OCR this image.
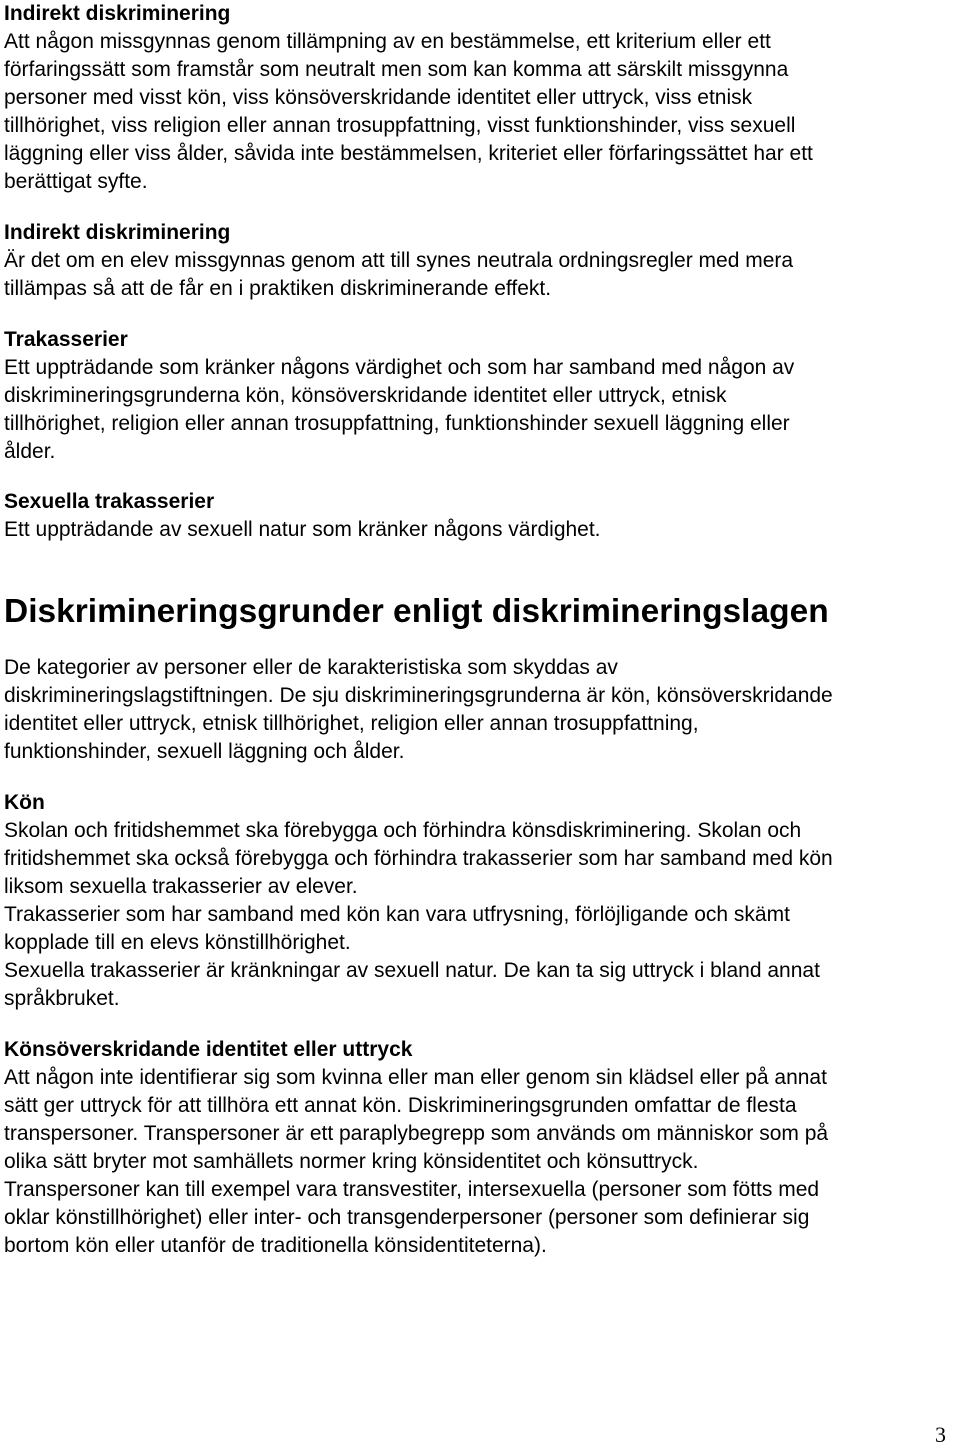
Indirekt diskriminering

Att någon missgynnas genom tillämpning av en bestämmelse, ett kriterium eller ett

förfaringssätt som framstår som neutralt men som kan komma att särskilt missgynna

personer med visst kön, viss könsöverskridande identitet eller uttryck, viss etnisk

tillhörighet, viss religion eller annan trosuppfattning, visst funktionshinder, viss sexuell

läggning eller viss ålder, såvida inte bestämmelsen, kriteriet eller förfaringssättet har ett

berättigat syfte.

Indirekt diskriminering

Är det om en elev missgynnas genom att till synes neutrala ordningsregler med mera

tillämpas så att de får en i praktiken diskriminerande effekt.

Trakasserier

Ett uppträdande som kränker någons värdighet och som har samband med någon av

diskrimineringsgrunderna kön, könsöverskridande identitet eller uttryck, etnisk

tillhörighet, religion eller annan trosuppfattning, funktionshinder sexuell läggning eller

ålder.

Sexuella trakasserier

Ett uppträdande av sexuell natur som kränker någons värdighet.

Diskrimineringsgrunder enligt diskrimineringslagen

De kategorier av personer eller de karakteristiska som skyddas av

diskrimineringslagstiftningen. De sju diskrimineringsgrunderna är kön, könsöverskridande

identitet eller uttryck, etnisk tillhörighet, religion eller annan trosuppfattning,

funktionshinder, sexuell läggning och ålder.

Kön

Skolan och fritidshemmet ska förebygga och förhindra könsdiskriminering. Skolan och

fritidshemmet ska också förebygga och förhindra trakasserier som har samband med kön

liksom sexuella trakasserier av elever.

Trakasserier som har samband med kön kan vara utfrysning, förlöjligande och skämt

kopplade till en elevs könstillhörighet.

Sexuella trakasserier är kränkningar av sexuell natur. De kan ta sig uttryck i bland annat

språkbruket.

Könsöverskridande identitet eller uttryck

Att någon inte identifierar sig som kvinna eller man eller genom sin klädsel eller på annat

sätt ger uttryck för att tillhöra ett annat kön. Diskrimineringsgrunden omfattar de flesta

transpersoner. Transpersoner är ett paraplybegrepp som används om människor som på

olika sätt bryter mot samhällets normer kring könsidentitet och könsuttryck.

Transpersoner kan till exempel vara transvestiter, intersexuella (personer som fötts med

oklar könstillhörighet) eller inter- och transgenderpersoner (personer som definierar sig

bortom kön eller utanför de traditionella könsidentiteterna).

3
